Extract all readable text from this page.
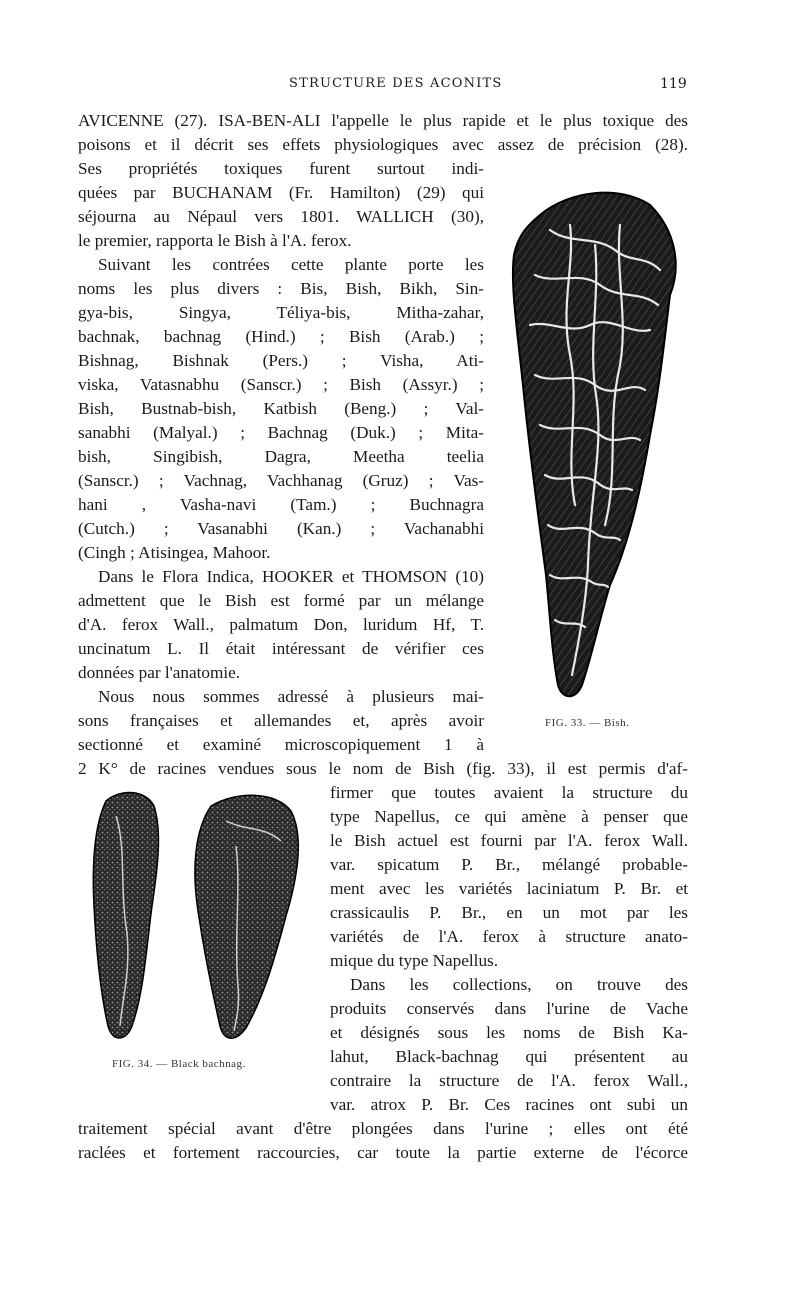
STRUCTURE DES ACONITS	119
AVICENNE (27). ISA-BEN-ALI l'appelle le plus rapide et le plus toxique des
poisons et il décrit ses effets physiologiques avec assez de précision (28).
Ses propriétés toxiques furent surtout indi-
quées par BUCHANAM (Fr. Hamilton) (29) qui
séjourna au Népaul vers 1801. WALLICH (30),
le premier, rapporta le Bish à l'A. ferox.
Suivant les contrées cette plante porte les
noms les plus divers : Bis, Bish, Bikh, Sin-
gya-bis, Singya, Téliya-bis, Mitha-zahar,
bachnak, bachnag (Hind.) ; Bish (Arab.) ;
Bishnag, Bishnak (Pers.) ; Visha, Ati-
viska, Vatasnabhu (Sanscr.) ; Bish (Assyr.) ;
Bish, Bustnab-bish, Katbish (Beng.) ; Val-
sanabhi (Malyal.) ; Bachnag (Duk.) ; Mita-
bish, Singibish, Dagra, Meetha teelia
(Sanscr.) ; Vachnag, Vachhanag (Gruz) ; Vas-
hani , Vasha-navi (Tam.) ; Buchnagra
(Cutch.) ; Vasanabhi (Kan.) ; Vachanabhi
(Cingh ; Atisingea, Mahoor.
Dans le Flora Indica, HOOKER et THOMSON (10)
admettent que le Bish est formé par un mélange
d'A. ferox Wall., palmatum Don, luridum Hf, T.
uncinatum L. Il était intéressant de vérifier ces
données par l'anatomie.
Nous nous sommes adressé à plusieurs mai-
sons françaises et allemandes et, après avoir
sectionné et examiné microscopiquement 1 à
2 K° de racines vendues sous le nom de Bish (fig. 33), il est permis d'af-
firmer que toutes avaient la structure du
type Napellus, ce qui amène à penser que
le Bish actuel est fourni par l'A. ferox Wall.
var. spicatum P. Br., mélangé probable-
ment avec les variétés laciniatum P. Br. et
crassicaulis P. Br., en un mot par les
variétés de l'A. ferox à structure anato-
mique du type Napellus.
Dans les collections, on trouve des
produits conservés dans l'urine de Vache
et désignés sous les noms de Bish Ka-
lahut, Black-bachnag qui présentent au
contraire la structure de l'A. ferox Wall.,
var. atrox P. Br. Ces racines ont subi un
traitement spécial avant d'être plongées dans l'urine ; elles ont été
raclées et fortement raccourcies, car toute la partie externe de l'écorce
FIG. 33. — Bish.
FIG. 34. — Black bachnag.
